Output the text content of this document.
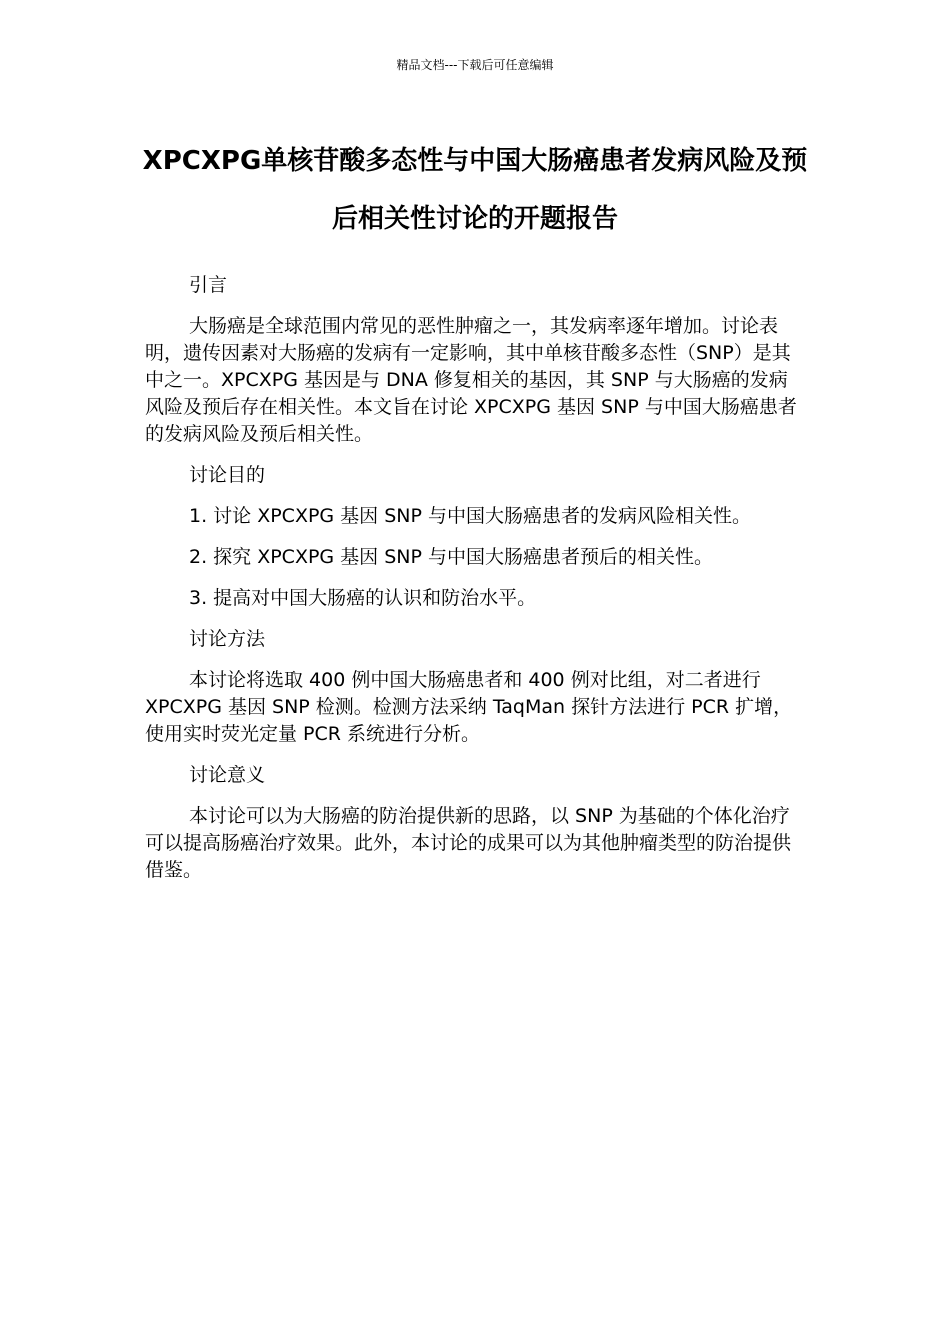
精品文档---下载后可任意编辑
XPCXPG单核苷酸多态性与中国大肠癌患者发病风险及预后相关性讨论的开题报告

引言

大肠癌是全球范围内常见的恶性肿瘤之一，其发病率逐年增加。讨论表明，遗传因素对大肠癌的发病有一定影响，其中单核苷酸多态性（SNP）是其中之一。XPCXPG 基因是与 DNA 修复相关的基因，其 SNP 与大肠癌的发病风险及预后存在相关性。本文旨在讨论 XPCXPG 基因 SNP 与中国大肠癌患者的发病风险及预后相关性。

讨论目的

1. 讨论 XPCXPG 基因 SNP 与中国大肠癌患者的发病风险相关性。

2. 探究 XPCXPG 基因 SNP 与中国大肠癌患者预后的相关性。

3. 提高对中国大肠癌的认识和防治水平。

讨论方法

本讨论将选取 400 例中国大肠癌患者和 400 例对比组，对二者进行 XPCXPG 基因 SNP 检测。检测方法采纳 TaqMan 探针方法进行 PCR 扩增，使用实时荧光定量 PCR 系统进行分析。

讨论意义

本讨论可以为大肠癌的防治提供新的思路，以 SNP 为基础的个体化治疗可以提高肠癌治疗效果。此外，本讨论的成果可以为其他肿瘤类型的防治提供借鉴。
